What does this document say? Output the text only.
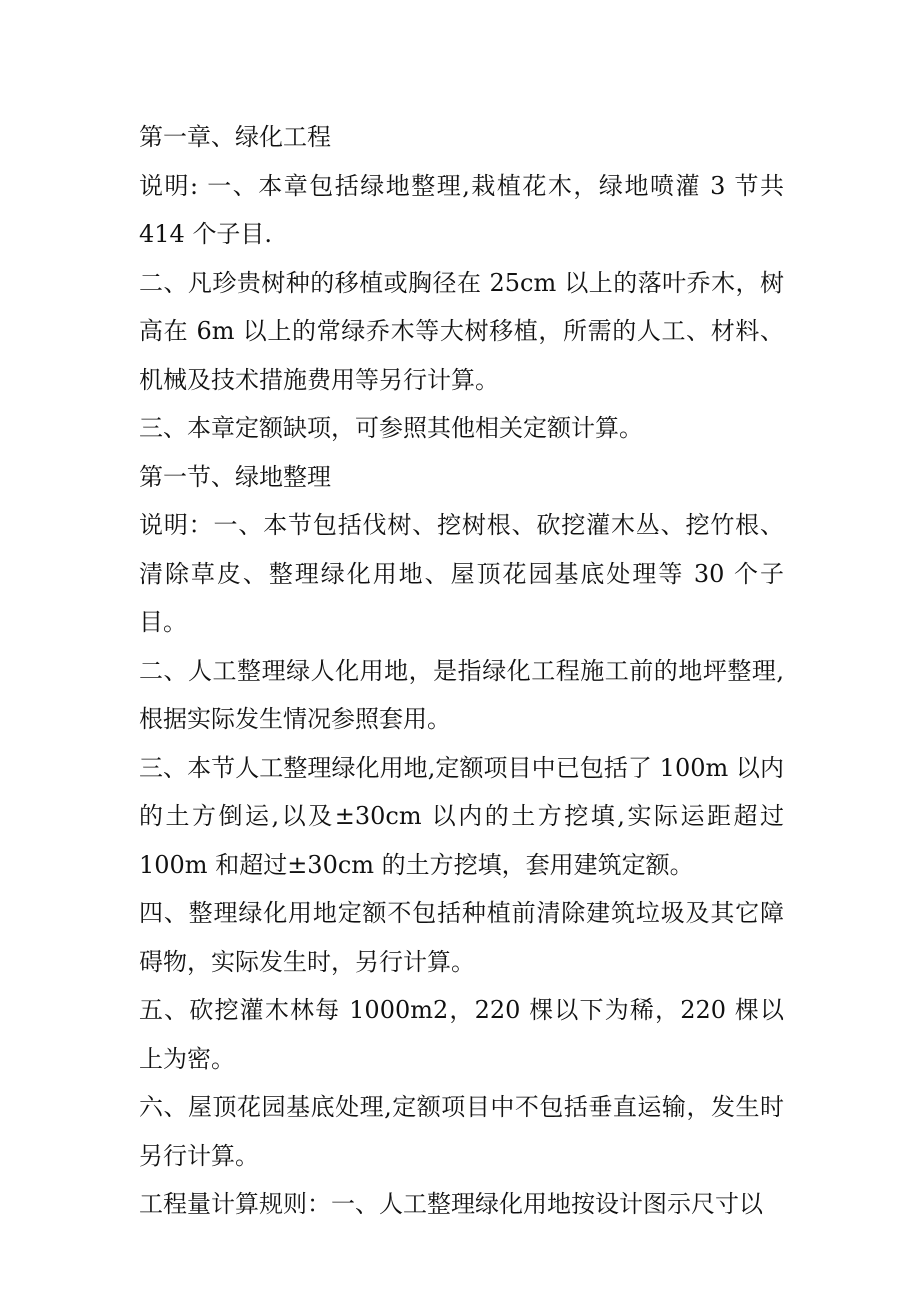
第一章、绿化工程

说明: 一、本章包括绿地整理,栽植花木，绿地喷灌 3 节共 414 个子目.

二、凡珍贵树种的移植或胸径在 25cm 以上的落叶乔木，树高在 6m 以上的常绿乔木等大树移植，所需的人工、材料、机械及技术措施费用等另行计算。

三、本章定额缺项，可参照其他相关定额计算。

第一节、绿地整理

说明：一、本节包括伐树、挖树根、砍挖灌木丛、挖竹根、清除草皮、整理绿化用地、屋顶花园基底处理等 30 个子目。

二、人工整理绿人化用地，是指绿化工程施工前的地坪整理,根据实际发生情况参照套用。

三、本节人工整理绿化用地,定额项目中已包括了 100m 以内的土方倒运,以及±30cm 以内的土方挖填,实际运距超过 100m 和超过±30cm 的土方挖填，套用建筑定额。

四、整理绿化用地定额不包括种植前清除建筑垃圾及其它障碍物，实际发生时，另行计算。

五、砍挖灌木林每 1000m2，220 棵以下为稀，220 棵以上为密。

六、屋顶花园基底处理,定额项目中不包括垂直运输，发生时另行计算。

工程量计算规则：一、人工整理绿化用地按设计图示尺寸以
